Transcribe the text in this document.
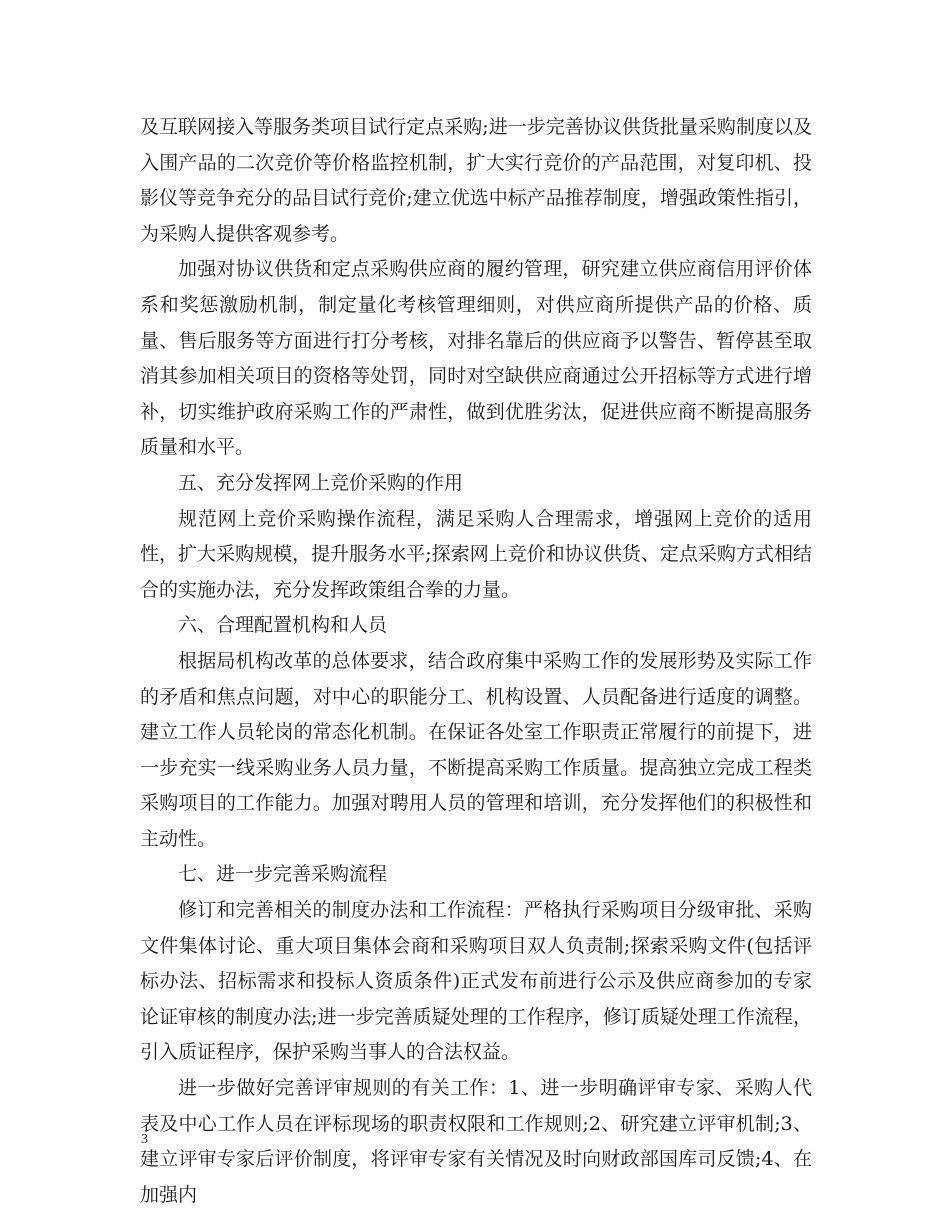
及互联网接入等服务类项目试行定点采购;进一步完善协议供货批量采购制度以及入围产品的二次竞价等价格监控机制，扩大实行竞价的产品范围，对复印机、投影仪等竞争充分的品目试行竞价;建立优选中标产品推荐制度，增强政策性指引，为采购人提供客观参考。

加强对协议供货和定点采购供应商的履约管理，研究建立供应商信用评价体系和奖惩激励机制，制定量化考核管理细则，对供应商所提供产品的价格、质量、售后服务等方面进行打分考核，对排名靠后的供应商予以警告、暂停甚至取消其参加相关项目的资格等处罚，同时对空缺供应商通过公开招标等方式进行增补，切实维护政府采购工作的严肃性，做到优胜劣汰，促进供应商不断提高服务质量和水平。

五、充分发挥网上竞价采购的作用

规范网上竞价采购操作流程，满足采购人合理需求，增强网上竞价的适用性，扩大采购规模，提升服务水平;探索网上竞价和协议供货、定点采购方式相结合的实施办法，充分发挥政策组合拳的力量。

六、合理配置机构和人员

根据局机构改革的总体要求，结合政府集中采购工作的发展形势及实际工作的矛盾和焦点问题，对中心的职能分工、机构设置、人员配备进行适度的调整。建立工作人员轮岗的常态化机制。在保证各处室工作职责正常履行的前提下，进一步充实一线采购业务人员力量，不断提高采购工作质量。提高独立完成工程类采购项目的工作能力。加强对聘用人员的管理和培训，充分发挥他们的积极性和主动性。

七、进一步完善采购流程

修订和完善相关的制度办法和工作流程：严格执行采购项目分级审批、采购文件集体讨论、重大项目集体会商和采购项目双人负责制;探索采购文件(包括评标办法、招标需求和投标人资质条件)正式发布前进行公示及供应商参加的专家论证审核的制度办法;进一步完善质疑处理的工作程序，修订质疑处理工作流程，引入质证程序，保护采购当事人的合法权益。

进一步做好完善评审规则的有关工作：1、进一步明确评审专家、采购人代表及中心工作人员在评标现场的职责权限和工作规则;2、研究建立评审机制;3、建立评审专家后评价制度，将评审专家有关情况及时向财政部国库司反馈;4、在加强内

3
